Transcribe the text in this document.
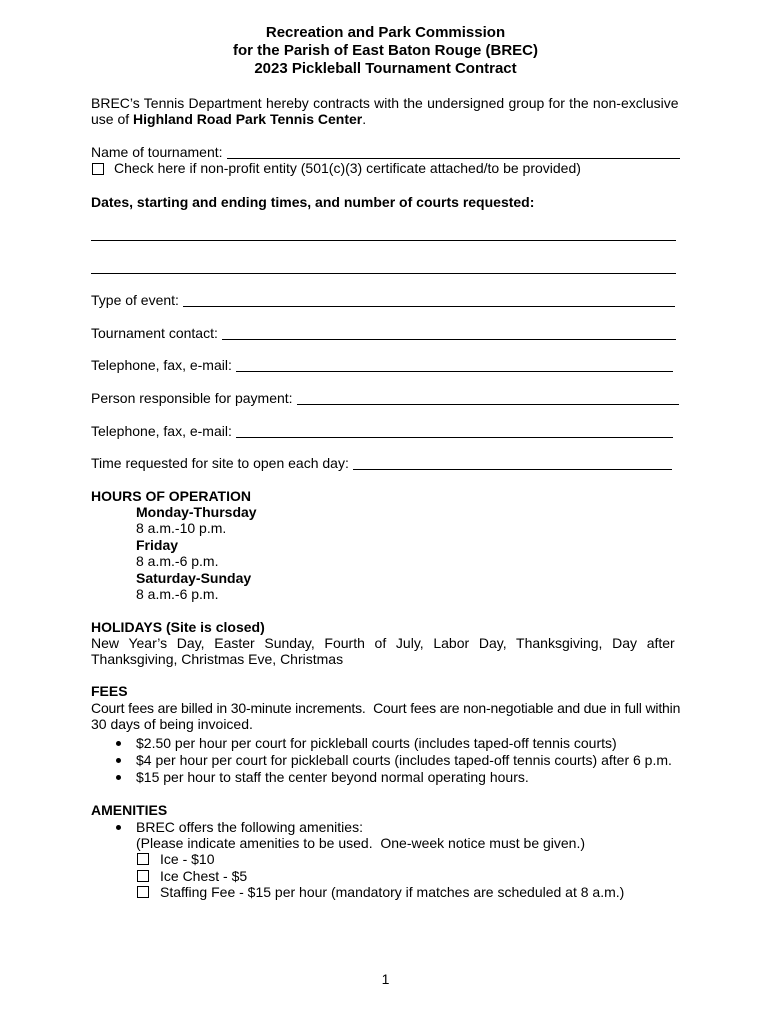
Recreation and Park Commission
for the Parish of East Baton Rouge (BREC)
2023 Pickleball Tournament Contract
BREC’s Tennis Department hereby contracts with the undersigned group for the non-exclusive
use of Highland Road Park Tennis Center.
Name of tournament:
Check here if non-profit entity (501(c)(3) certificate attached/to be provided)
Dates, starting and ending times, and number of courts requested:
Type of event:
Tournament contact:
Telephone, fax, e-mail:
Person responsible for payment:
Telephone, fax, e-mail:
Time requested for site to open each day:
HOURS OF OPERATION
Monday-Thursday
8 a.m.-10 p.m.
Friday
8 a.m.-6 p.m.
Saturday-Sunday
8 a.m.-6 p.m.
HOLIDAYS (Site is closed)
New Year’s Day, Easter Sunday, Fourth of July, Labor Day, Thanksgiving, Day after
Thanksgiving, Christmas Eve, Christmas
FEES
Court fees are billed in 30-minute increments.  Court fees are non-negotiable and due in full within
30 days of being invoiced.
$2.50 per hour per court for pickleball courts (includes taped-off tennis courts)
$4 per hour per court for pickleball courts (includes taped-off tennis courts) after 6 p.m.
$15 per hour to staff the center beyond normal operating hours.
AMENITIES
BREC offers the following amenities:
(Please indicate amenities to be used.  One-week notice must be given.)
Ice - $10
Ice Chest - $5
Staffing Fee - $15 per hour (mandatory if matches are scheduled at 8 a.m.)
1
